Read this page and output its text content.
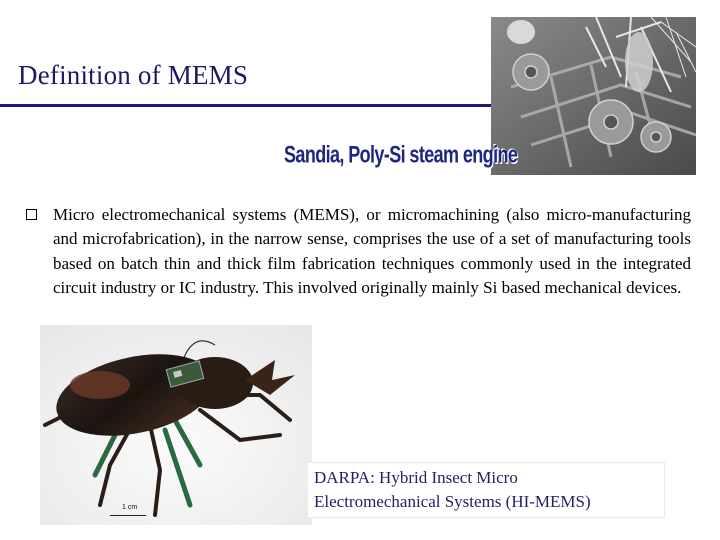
Definition of MEMS
Sandia, Poly-Si steam engine
Micro electromechanical systems (MEMS), or micromachining (also micro-manufacturing and microfabrication), in the narrow sense, comprises the use of a set of manufacturing tools based on batch thin and thick film fabrication techniques commonly used in the integrated circuit industry or IC industry. This involved originally mainly Si based mechanical devices.
1 cm
DARPA: Hybrid Insect Micro
Electromechanical Systems (HI-MEMS)
